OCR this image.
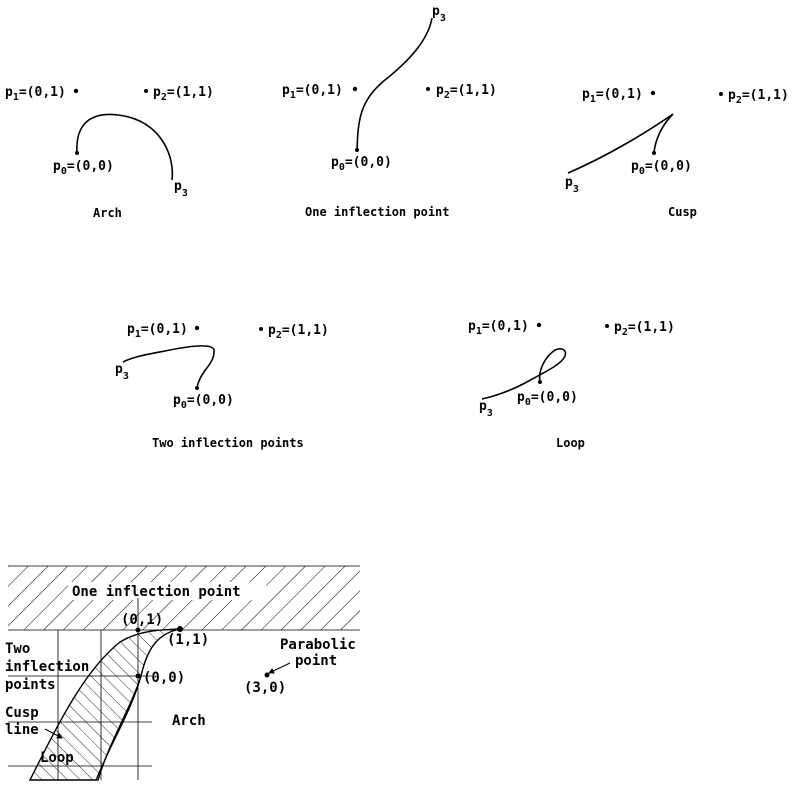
$p_1=(0,1)$	$p_2=(1,1)$
$p_0=(0,0)$
$p_3$
Arch
$p_1=(0,1)$	$p_2=(1,1)$
$p_3$
$p_0=(0,0)$
One inflection point
$p_1=(0,1)$	$p_2=(1,1)$
$p_0=(0,0)$
$p_3$
Cusp
$p_1=(0,1)$	$p_2=(1,1)$
$p_0=(0,0)$
$p_3$
Two inflection points
$p_1=(0,1)$	$p_2=(1,1)$
$p_0=(0,0)$
$p_3$
Loop
One inflection point
(0,1)
(1,1)
(0,0)
(3,0)
Parabolic
point
Two
inflection
points
Cusp
line
Loop
Arch
